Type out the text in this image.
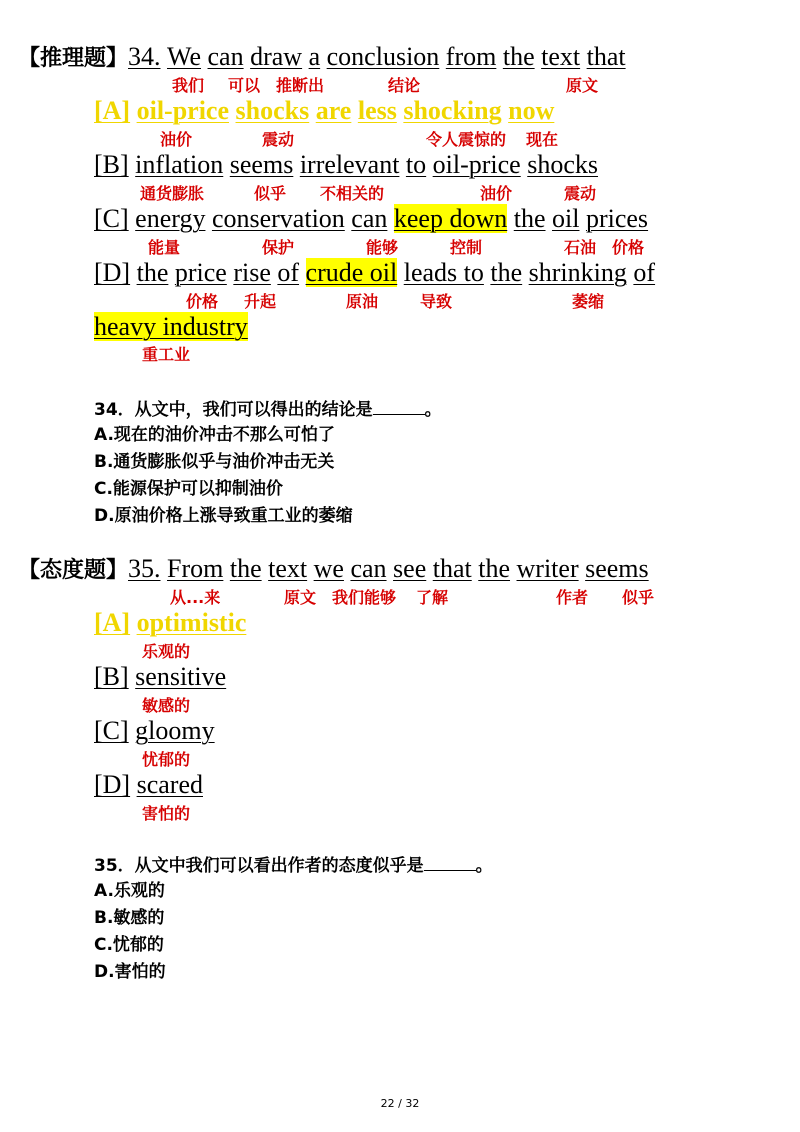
【推理题】34. We can draw a conclusion from the text that
我们 可以 推断出	结论	原文
[A] oil-price shocks are less shocking now
油价	震动	令人震惊的 现在
[B] inflation seems irrelevant to oil-price shocks
通货膨胀	似乎 不相关的	油价	震动
[C] energy conservation can keep down the oil prices
能量	保护	能够	控制	石油 价格
[D] the price rise of crude oil leads to the shrinking of
价格 升起	原油	导致	萎缩
heavy industry
重工业
34．从文中，我们可以得出的结论是	。
A.现在的油价冲击不那么可怕了
B.通货膨胀似乎与油价冲击无关
C.能源保护可以抑制油价
D.原油价格上涨导致重工业的萎缩
【态度题】35. From the text we can see that the writer seems
从...来	原文 我们能够 了解	作者 似乎
[A] optimistic
乐观的
[B] sensitive
敏感的
[C] gloomy
忧郁的
[D] scared
害怕的
35．从文中我们可以看出作者的态度似乎是	。
A.乐观的
B.敏感的
C.忧郁的
D.害怕的
22 / 32
